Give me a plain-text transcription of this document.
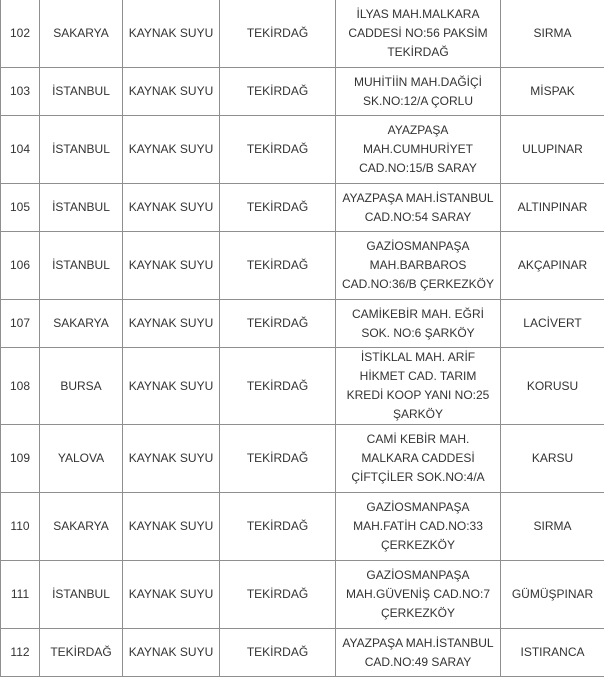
102	SAKARYA	KAYNAK SUYU	TEKİRDAĞ	İLYAS MAH.MALKARA CADDESİ NO:56 PAKSİM TEKİRDAĞ	SIRMA
103	İSTANBUL	KAYNAK SUYU	TEKİRDAĞ	MUHİTİİN MAH.DAĞİÇİ SK.NO:12/A ÇORLU	MİSPAK
104	İSTANBUL	KAYNAK SUYU	TEKİRDAĞ	AYAZPAŞA MAH.CUMHURİYET CAD.NO:15/B SARAY	ULUPINAR
105	İSTANBUL	KAYNAK SUYU	TEKİRDAĞ	AYAZPAŞA MAH.İSTANBUL CAD.NO:54 SARAY	ALTINPINAR
106	İSTANBUL	KAYNAK SUYU	TEKİRDAĞ	GAZİOSMANPAŞA MAH.BARBAROS CAD.NO:36/B ÇERKEZKÖY	AKÇAPINAR
107	SAKARYA	KAYNAK SUYU	TEKİRDAĞ	CAMİKEBİR MAH. EĞRİ SOK. NO:6 ŞARKÖY	LACİVERT
108	BURSA	KAYNAK SUYU	TEKİRDAĞ	İSTİKLAL MAH. ARİF HİKMET CAD. TARIM KREDİ KOOP YANI NO:25 ŞARKÖY	KORUSU
109	YALOVA	KAYNAK SUYU	TEKİRDAĞ	CAMİ KEBİR MAH. MALKARA CADDESİ ÇİFTÇİLER SOK.NO:4/A	KARSU
110	SAKARYA	KAYNAK SUYU	TEKİRDAĞ	GAZİOSMANPAŞA MAH.FATİH CAD.NO:33 ÇERKEZKÖY	SIRMA
111	İSTANBUL	KAYNAK SUYU	TEKİRDAĞ	GAZİOSMANPAŞA MAH.GÜVENİŞ CAD.NO:7 ÇERKEZKÖY	GÜMÜŞPINAR
112	TEKİRDAĞ	KAYNAK SUYU	TEKİRDAĞ	AYAZPAŞA MAH.İSTANBUL CAD.NO:49 SARAY	ISTIRANCA
